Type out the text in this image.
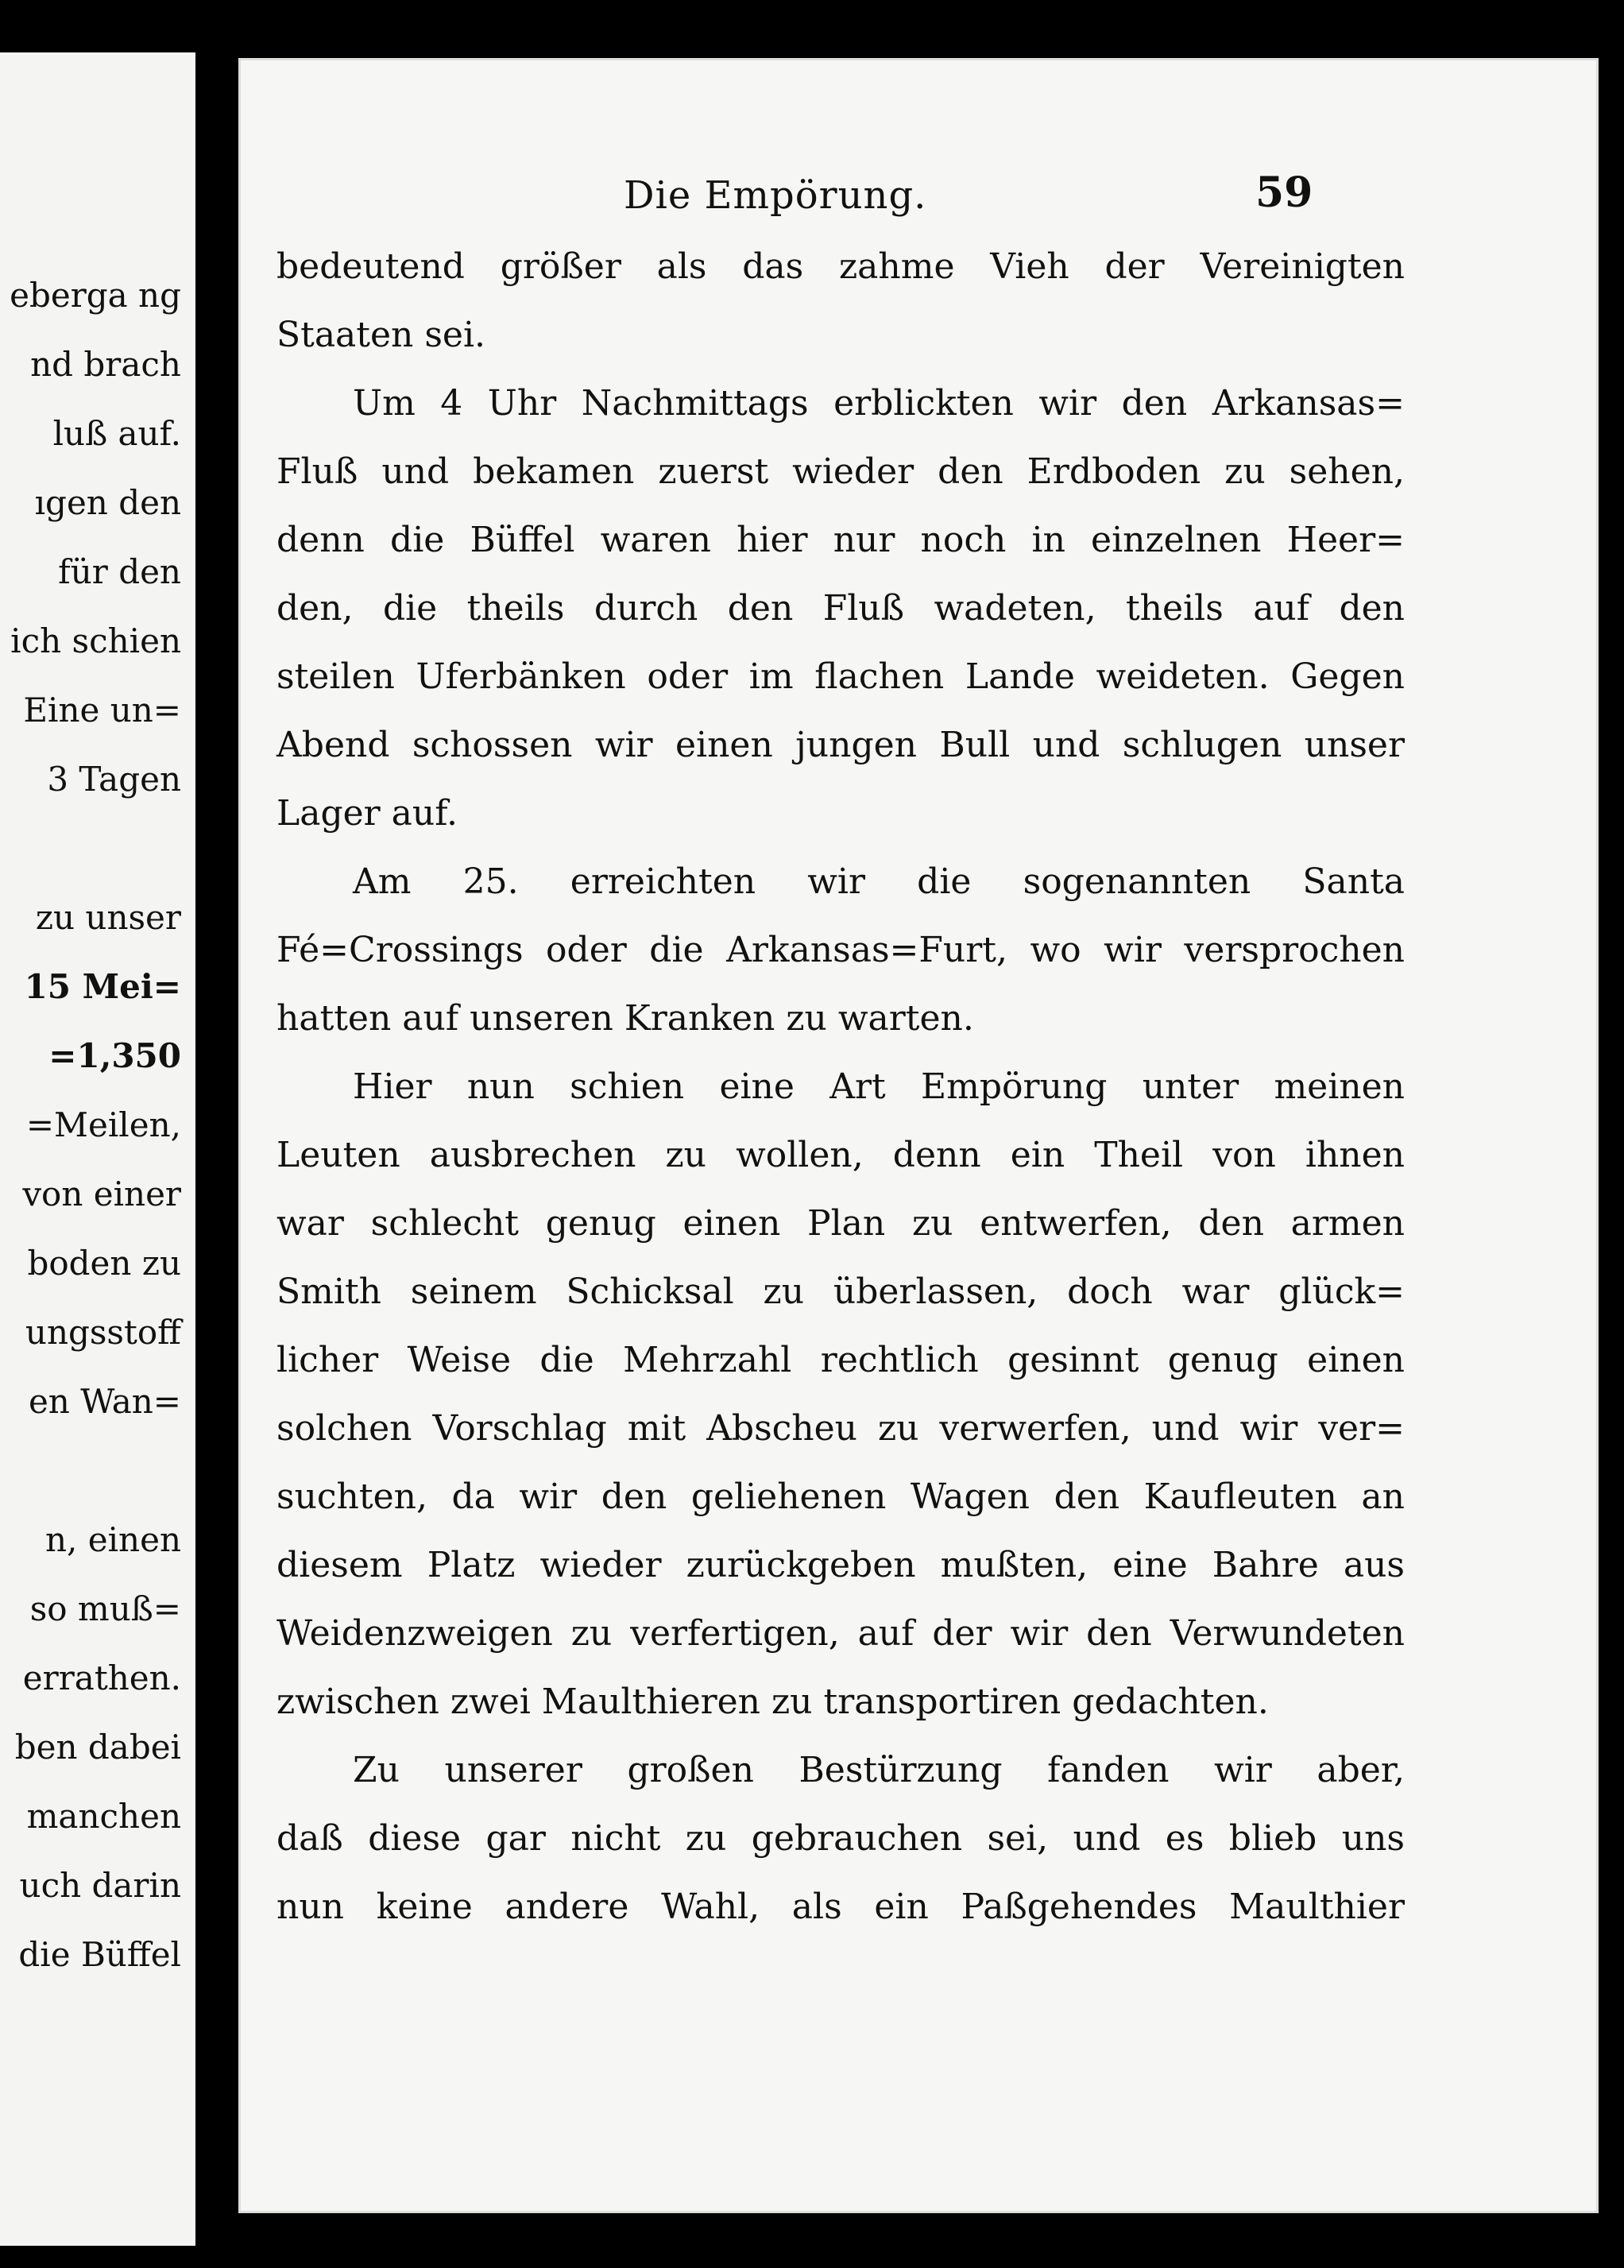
eberga ng
nd brach
luß auf.
ıgen den
für den
ich schien
Eine un=
3 Tagen
zu unser
15 Mei=
=1,350
=Meilen,
von einer
boden zu
ungsstoff
en Wan=
n, einen
so muß=
errathen.
ben dabei
manchen
uch darin
die Büffel
Die Empörung.	59
bedeutend größer als das zahme Vieh der Vereinigten
Staaten sei.
Um 4 Uhr Nachmittags erblickten wir den Arkansas=
Fluß und bekamen zuerst wieder den Erdboden zu sehen,
denn die Büffel waren hier nur noch in einzelnen Heer=
den, die theils durch den Fluß wadeten, theils auf den
steilen Uferbänken oder im flachen Lande weideten. Gegen
Abend schossen wir einen jungen Bull und schlugen unser
Lager auf.
Am 25. erreichten wir die sogenannten Santa
Fé=Crossings oder die Arkansas=Furt, wo wir versprochen
hatten auf unseren Kranken zu warten.
Hier nun schien eine Art Empörung unter meinen
Leuten ausbrechen zu wollen, denn ein Theil von ihnen
war schlecht genug einen Plan zu entwerfen, den armen
Smith seinem Schicksal zu überlassen, doch war glück=
licher Weise die Mehrzahl rechtlich gesinnt genug einen
solchen Vorschlag mit Abscheu zu verwerfen, und wir ver=
suchten, da wir den geliehenen Wagen den Kaufleuten an
diesem Platz wieder zurückgeben mußten, eine Bahre aus
Weidenzweigen zu verfertigen, auf der wir den Verwundeten
zwischen zwei Maulthieren zu transportiren gedachten.
Zu unserer großen Bestürzung fanden wir aber,
daß diese gar nicht zu gebrauchen sei, und es blieb uns
nun keine andere Wahl, als ein Paßgehendes Maulthier
